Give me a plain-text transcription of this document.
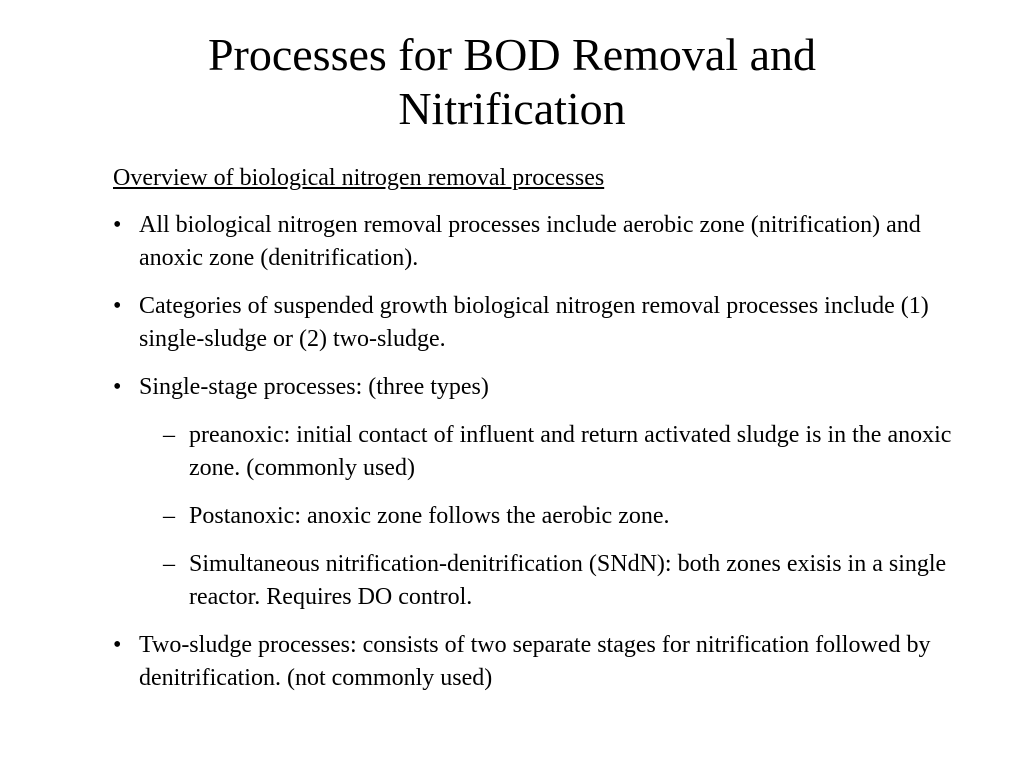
Processes for BOD Removal and
Nitrification

Overview of biological nitrogen removal processes

• All biological nitrogen removal processes include aerobic zone (nitrification) and anoxic zone (denitrification).
• Categories of suspended growth biological nitrogen removal processes include (1) single-sludge or (2) two-sludge.
• Single-stage processes: (three types)
– preanoxic: initial contact of influent and return activated sludge is in the anoxic zone. (commonly used)
– Postanoxic: anoxic zone follows the aerobic zone.
– Simultaneous nitrification-denitrification (SNdN): both zones exisis in a single reactor. Requires DO control.
• Two-sludge processes: consists of two separate stages for nitrification followed by denitrification. (not commonly used)
